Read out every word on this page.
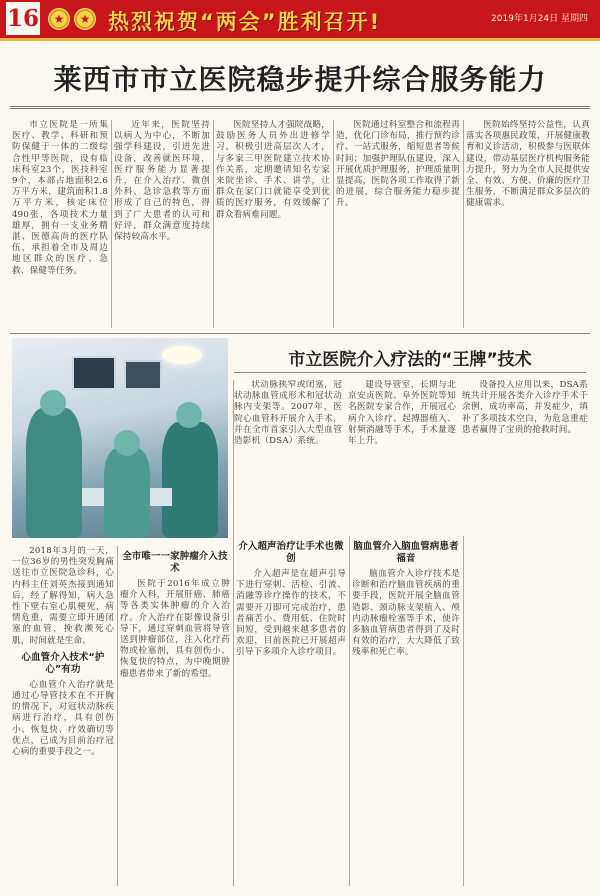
16 ★ ★	热烈祝贺“两会”胜利召开!	2019年1月24日 星期四
莱西市市立医院稳步提升综合服务能力

市立医院是一所集医疗、教学、科研和预防保健于一体的二级综合性甲等医院，设有临床科室23个，医技科室9个，本部占地面积2.6万平方米，建筑面积1.8万平方米，核定床位490张，各项技术力量雄厚，拥有一支业务精湛、医德高尚的医疗队伍，承担着全市及周边地区群众的医疗、急救、保健等任务。

近年来，医院坚持以病人为中心，不断加强学科建设，引进先进设备，改善就医环境，医疗服务能力显著提升，在介入治疗、微创外科、急诊急救等方面形成了自己的特色，得到了广大患者的认可和好评，群众满意度持续保持较高水平。

医院坚持人才强院战略，鼓励医务人员外出进修学习，积极引进高层次人才，与多家三甲医院建立技术协作关系，定期邀请知名专家来院坐诊、手术、讲学，让群众在家门口就能享受到优质的医疗服务，有效缓解了群众看病难问题。

医院通过科室整合和流程再造，优化门诊布局，推行预约诊疗、一站式服务，缩短患者等候时间；加强护理队伍建设，深入开展优质护理服务，护理质量明显提高，医院各项工作取得了新的进展，综合服务能力稳步提升。

医院始终坚持公益性，认真落实各项惠民政策，开展健康教育和义诊活动，积极参与医联体建设，带动基层医疗机构服务能力提升，努力为全市人民提供安全、有效、方便、价廉的医疗卫生服务，不断满足群众多层次的健康需求。

市立医院介入疗法的“王牌”技术

状动脉狭窄或闭塞，冠状动脉血管成形术和冠状动脉内支架等。2007年，医院心血管科开展介入手术，并在全市首家引入大型血管造影机（DSA）系统。

建设导管室，长期与北京安贞医院、阜外医院等知名医院专家合作，开展冠心病介入诊疗、起搏器植入、射频消融等手术，手术量逐年上升。

设备投入应用以来，DSA系统共计开展各类介入诊疗手术千余例，成功率高，并发症少，填补了多项技术空白，为危急重症患者赢得了宝贵的抢救时间。

2018年3月的一天，一位36岁的男性突发胸痛送往市立医院急诊科，心内科主任刘英杰接到通知后，经了解得知，病人急性下壁右室心肌梗死，病情危重，需要立即开通闭塞的血管，挽救濒死心肌，时间就是生命。

心血管介入技术“护心”有功

心血管介入治疗就是通过心导管技术在不开胸的情况下，对冠状动脉疾病进行治疗，具有创伤小、恢复快、疗效确切等优点，已成为目前治疗冠心病的重要手段之一。

全市唯一一家肿瘤介入技术

医院于2016年成立肿瘤介入科，开展肝癌、肺癌等各类实体肿瘤的介入治疗。介入治疗在影像设备引导下，通过穿刺血管将导管送到肿瘤部位，注入化疗药物或栓塞剂，具有创伤小、恢复快的特点，为中晚期肿瘤患者带来了新的希望。

介入超声治疗让手术也微创

介入超声是在超声引导下进行穿刺、活检、引流、消融等诊疗操作的技术，不需要开刀即可完成治疗，患者痛苦小、费用低、住院时间短，受到越来越多患者的欢迎，目前医院已开展超声引导下多项介入诊疗项目。

脑血管介入脑血管病患者福音

脑血管介入诊疗技术是诊断和治疗脑血管疾病的重要手段，医院开展全脑血管造影、颈动脉支架植入、颅内动脉瘤栓塞等手术，使许多脑血管病患者得到了及时有效的治疗，大大降低了致残率和死亡率。
